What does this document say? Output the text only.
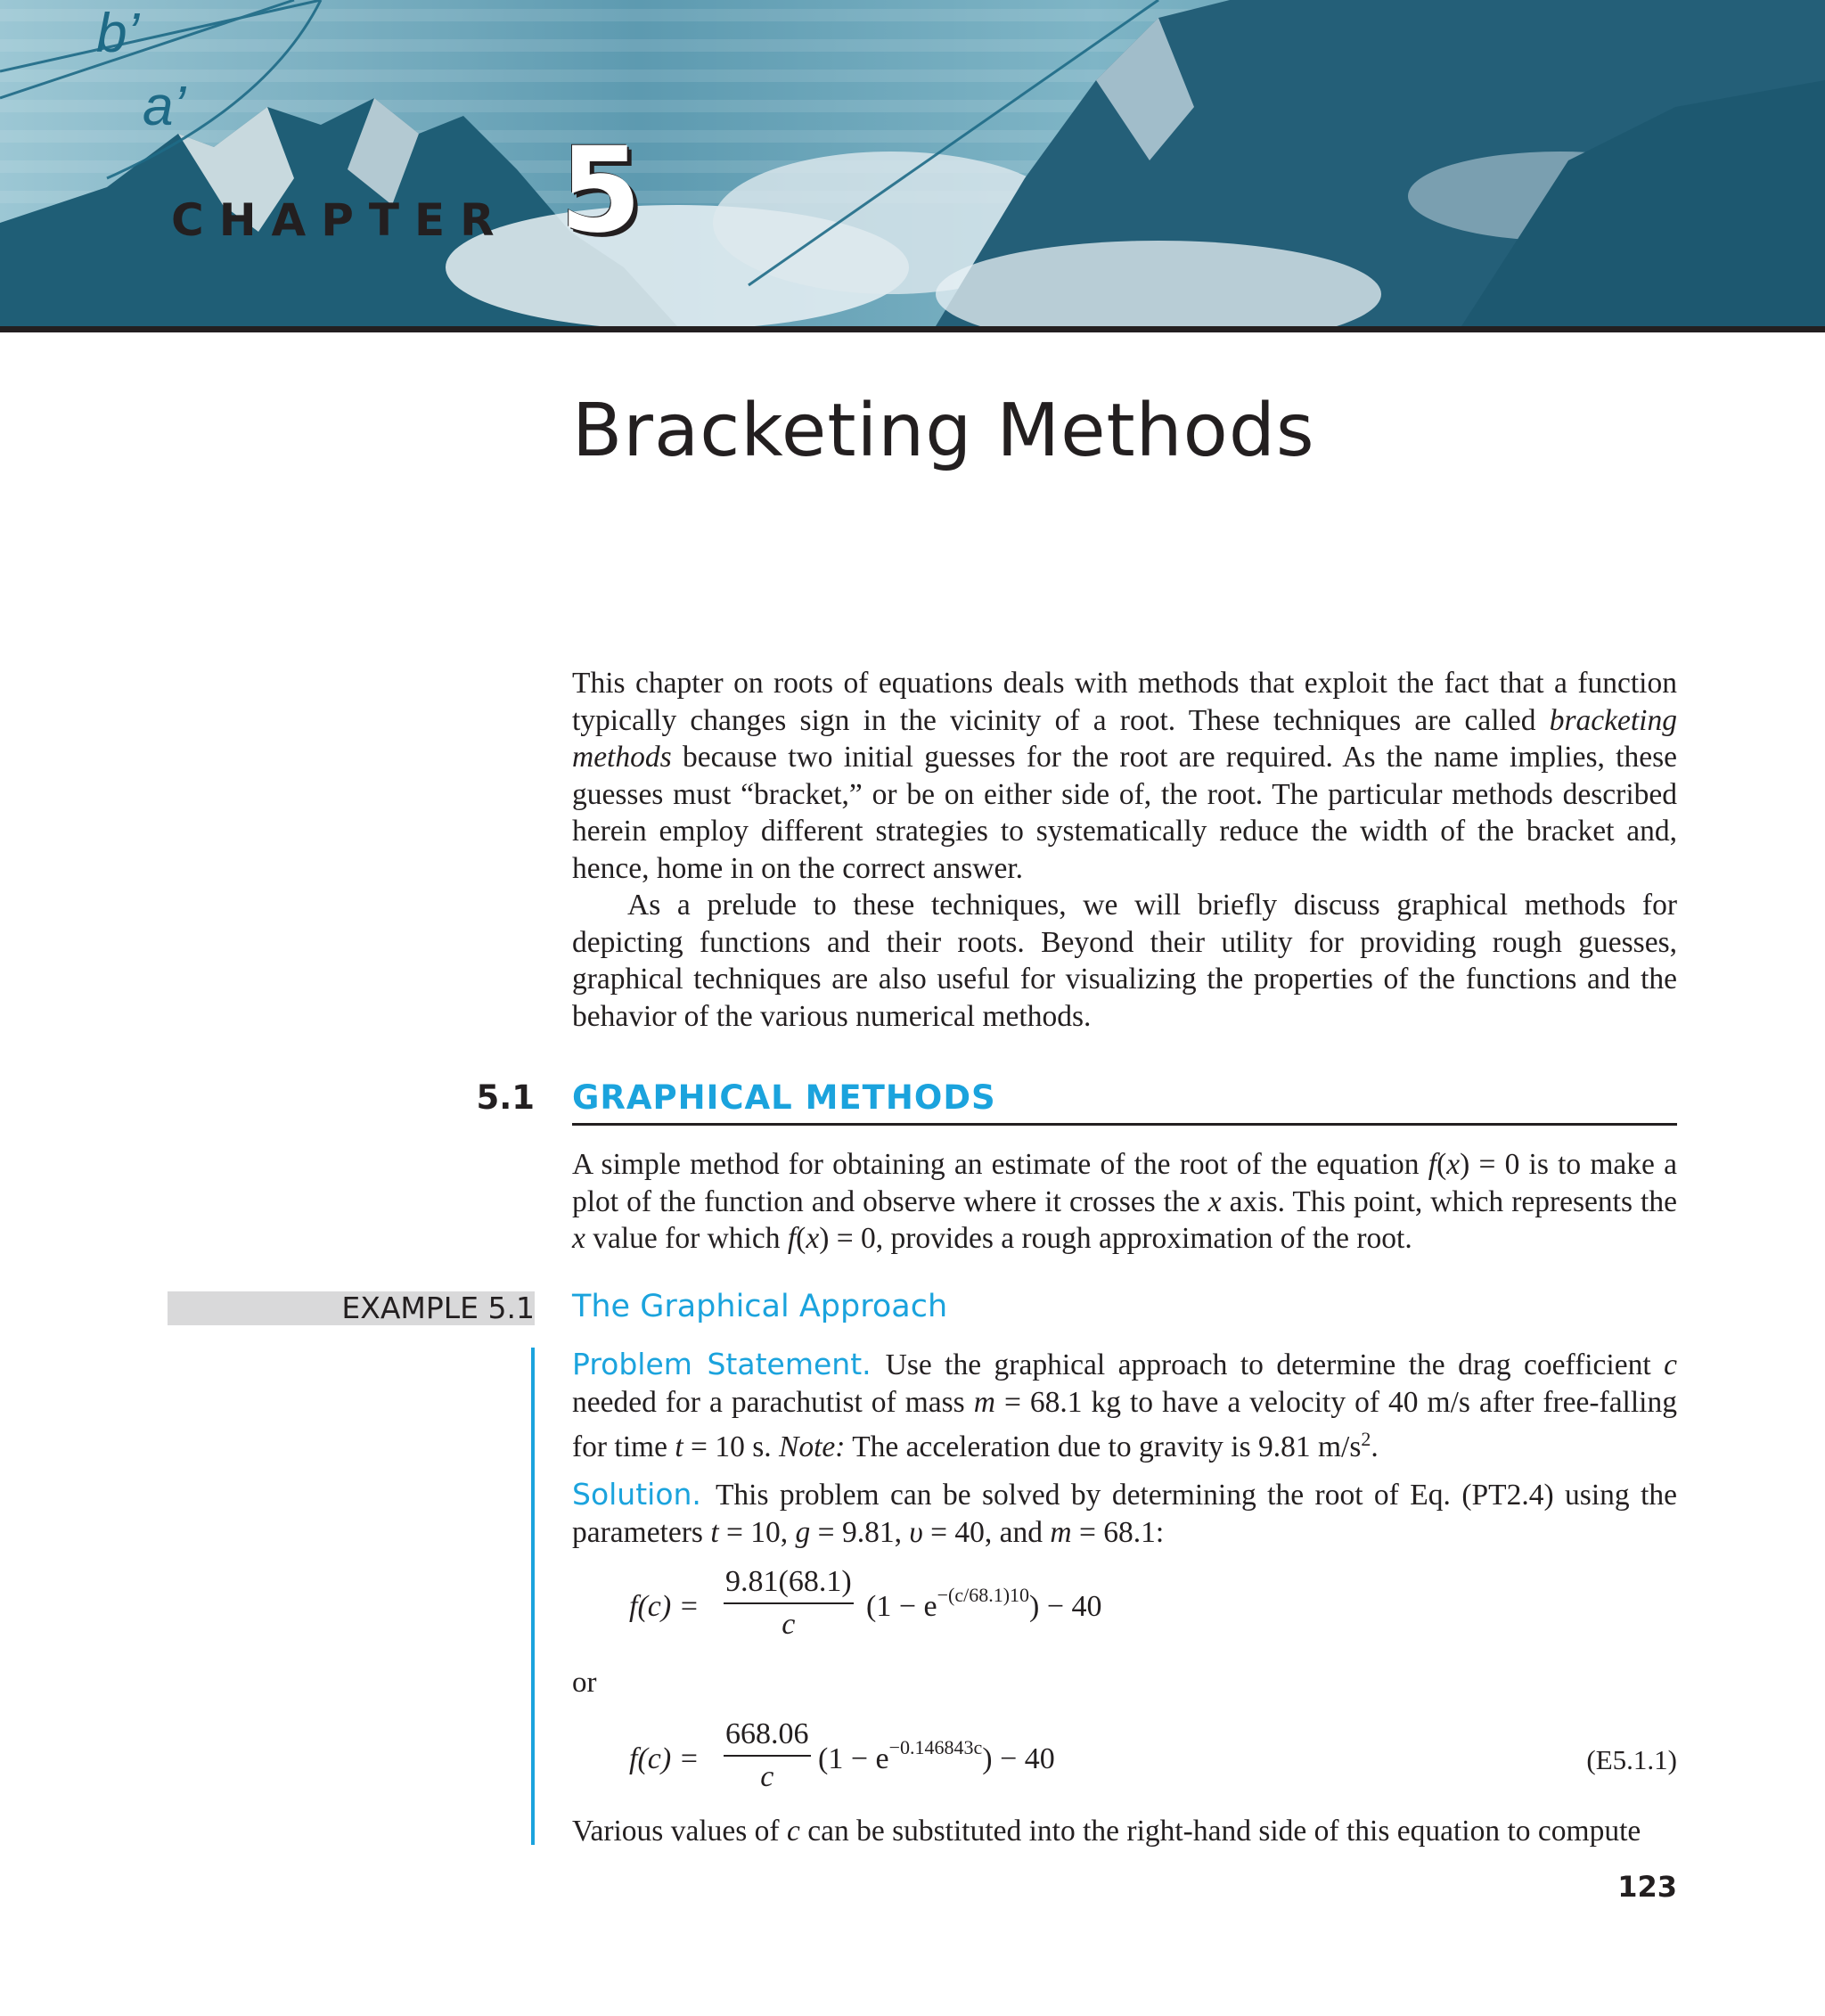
b’
a’
CHAPTER 5
Bracketing Methods

This chapter on roots of equations deals with methods that exploit the fact that a function typically changes sign in the vicinity of a root. These techniques are called bracketing methods because two initial guesses for the root are required. As the name implies, these guesses must “bracket,” or be on either side of, the root. The particular methods described herein employ different strategies to systematically reduce the width of the bracket and, hence, home in on the correct answer.

As a prelude to these techniques, we will briefly discuss graphical methods for depicting functions and their roots. Beyond their utility for providing rough guesses, graphical techniques are also useful for visualizing the properties of the functions and the behavior of the various numerical methods.

5.1 GRAPHICAL METHODS

A simple method for obtaining an estimate of the root of the equation f(x) = 0 is to make a plot of the function and observe where it crosses the x axis. This point, which represents the x value for which f(x) = 0, provides a rough approximation of the root.

EXAMPLE 5.1 The Graphical Approach

Problem Statement. Use the graphical approach to determine the drag coefficient c needed for a parachutist of mass m = 68.1 kg to have a velocity of 40 m/s after free-falling for time t = 10 s. Note: The acceleration due to gravity is 9.81 $m/s^2$.

Solution. This problem can be solved by determining the root of Eq. (PT2.4) using the parameters t = 10, g = 9.81, υ = 40, and m = 68.1:

$f(c) = \frac{9.81(68.1)}{c} (1 - e^{-(c/68.1)10}) - 40$
or
$f(c) = \frac{668.06}{c} (1 - e^{-0.146843c}) - 40$	(E5.1.1)

Various values of c can be substituted into the right-hand side of this equation to compute

123
